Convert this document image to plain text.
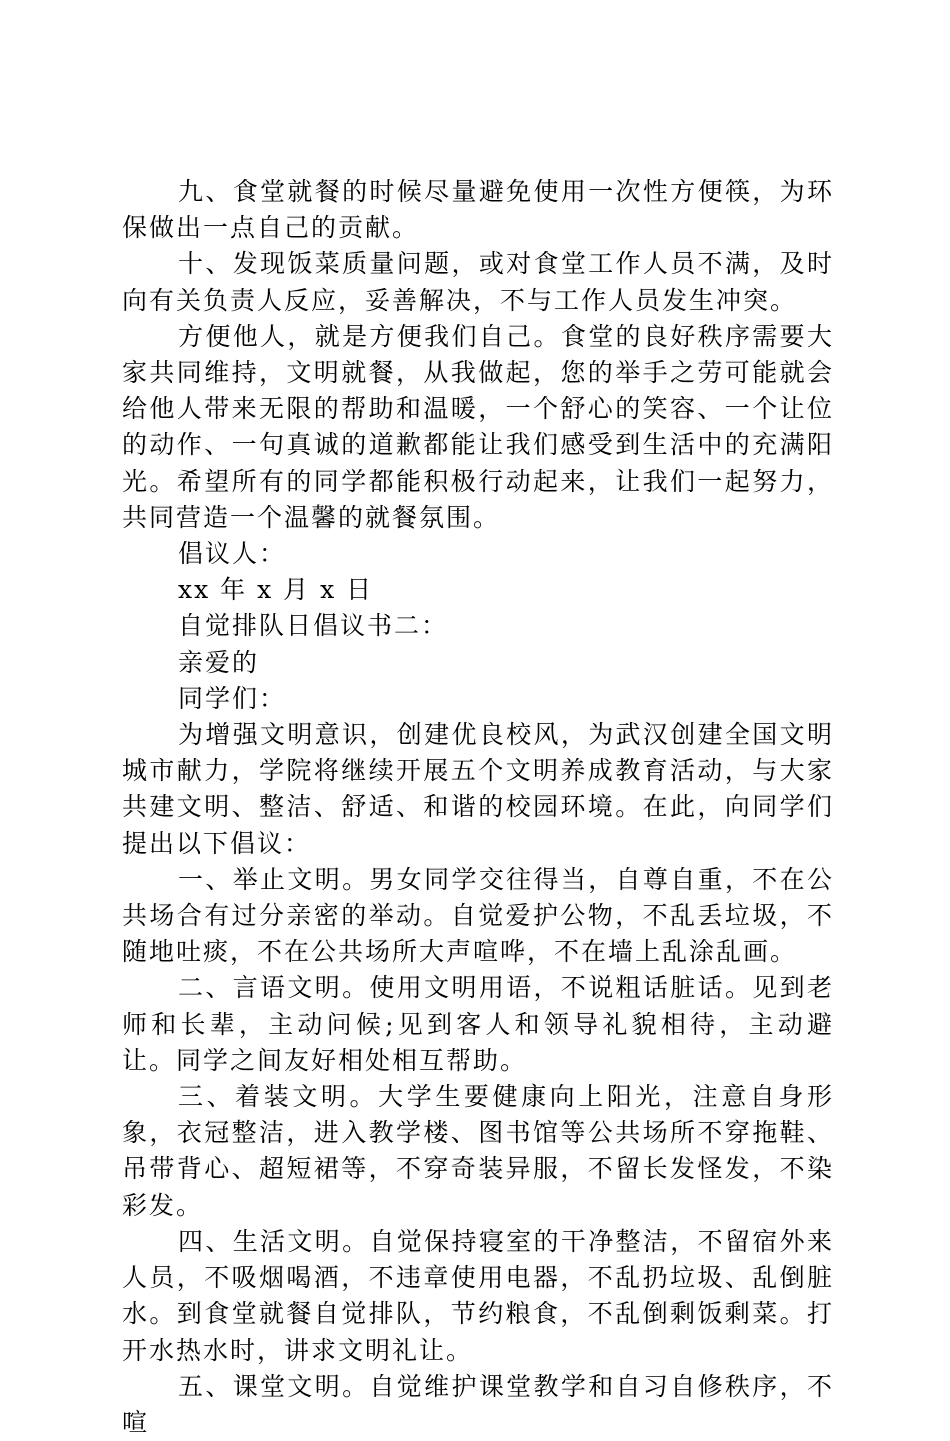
九、食堂就餐的时候尽量避免使用一次性方便筷，为环保做出一点自己的贡献。

十、发现饭菜质量问题，或对食堂工作人员不满，及时向有关负责人反应，妥善解决，不与工作人员发生冲突。

方便他人，就是方便我们自己。食堂的良好秩序需要大家共同维持，文明就餐，从我做起，您的举手之劳可能就会给他人带来无限的帮助和温暖，一个舒心的笑容、一个让位的动作、一句真诚的道歉都能让我们感受到生活中的充满阳光。希望所有的同学都能积极行动起来，让我们一起努力，共同营造一个温馨的就餐氛围。

倡议人：

xx 年 x 月 x 日

自觉排队日倡议书二：

亲爱的

同学们：

为增强文明意识，创建优良校风，为武汉创建全国文明城市献力，学院将继续开展五个文明养成教育活动，与大家共建文明、整洁、舒适、和谐的校园环境。在此，向同学们提出以下倡议：

一、举止文明。男女同学交往得当，自尊自重，不在公共场合有过分亲密的举动。自觉爱护公物，不乱丢垃圾，不随地吐痰，不在公共场所大声喧哗，不在墙上乱涂乱画。

二、言语文明。使用文明用语，不说粗话脏话。见到老师和长辈，主动问候;见到客人和领导礼貌相待，主动避让。同学之间友好相处相互帮助。

三、着装文明。大学生要健康向上阳光，注意自身形象，衣冠整洁，进入教学楼、图书馆等公共场所不穿拖鞋、吊带背心、超短裙等，不穿奇装异服，不留长发怪发，不染彩发。

四、生活文明。自觉保持寝室的干净整洁，不留宿外来人员，不吸烟喝酒，不违章使用电器，不乱扔垃圾、乱倒脏水。到食堂就餐自觉排队，节约粮食，不乱倒剩饭剩菜。打开水热水时，讲求文明礼让。

五、课堂文明。自觉维护课堂教学和自习自修秩序，不喧
